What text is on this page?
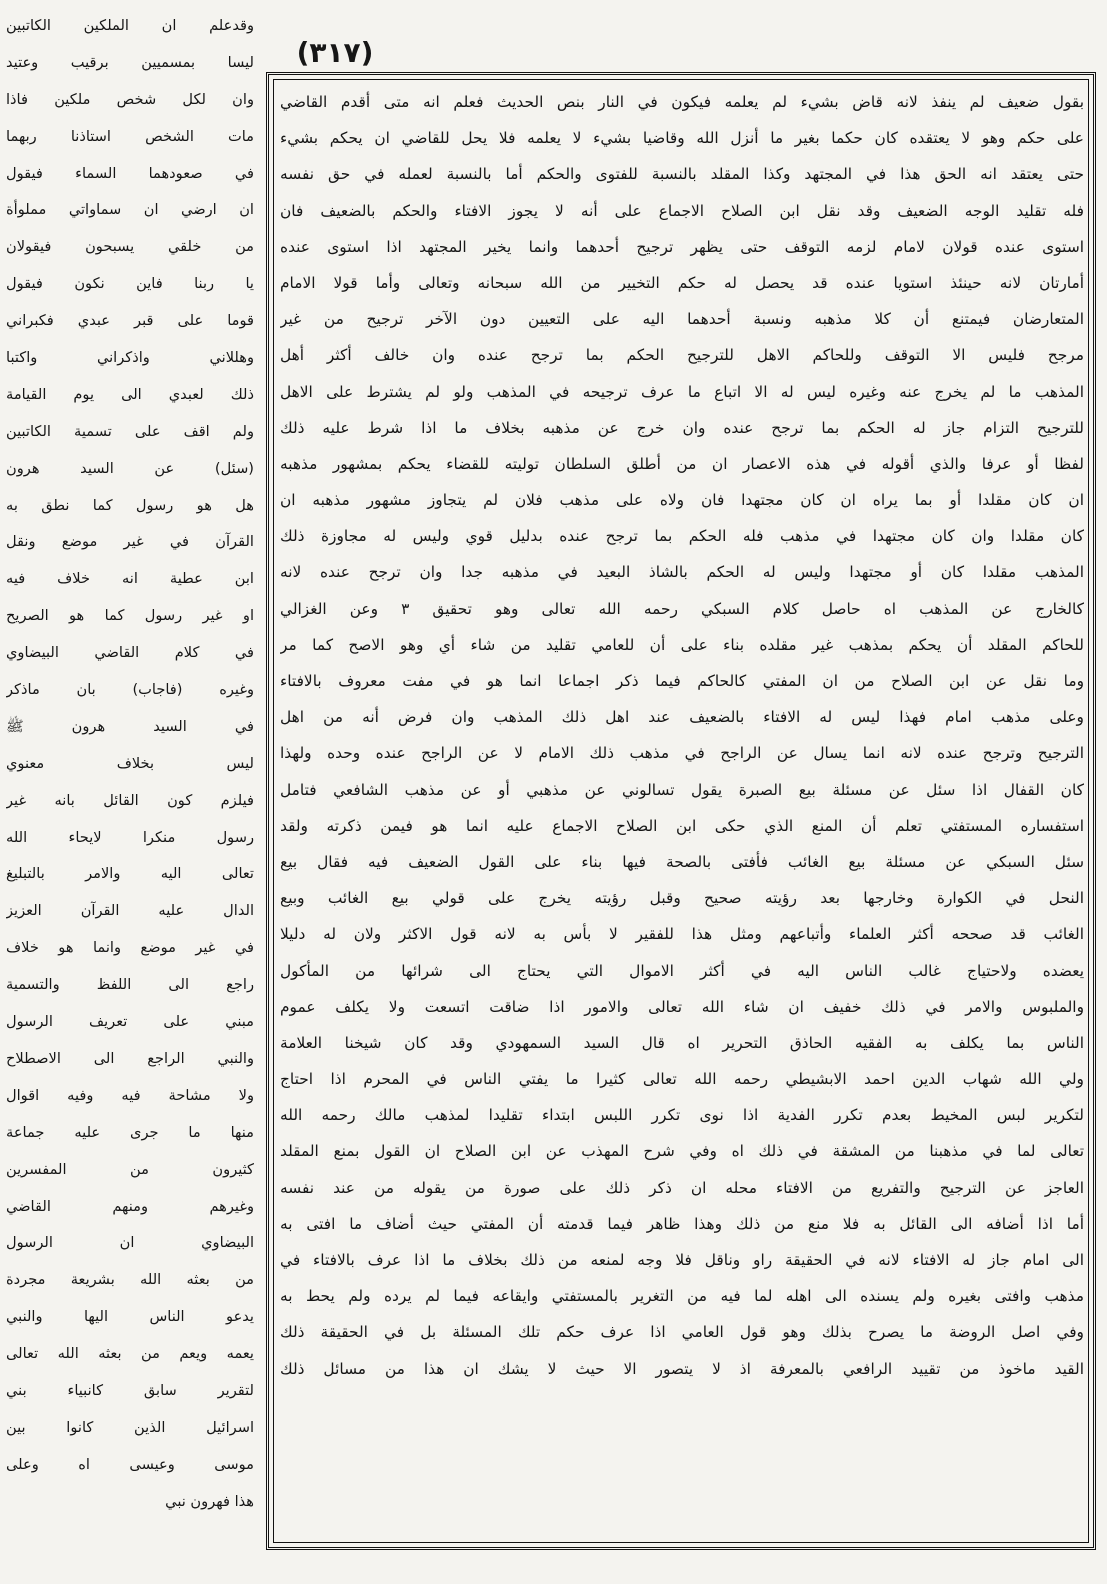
(٣١٧)
وقدعلم ان الملكين الكاتبين
ليسا بمسميين برقيب وعتيد
وان لكل شخص ملكين فاذا
مات الشخص استاذنا ربهما
في صعودهما السماء فيقول
ان ارضي ان سماواتي مملوأة
من خلقي يسبحون فيقولان
يا ربنا فاين نكون فيقول
قوما على قبر عبدي فكبراني
وهللاني واذكراني واكتبا
ذلك لعبدي الى يوم القيامة
ولم اقف على تسمية الكاتبين
(سئل) عن السيد هرون
هل هو رسول كما نطق به
القرآن في غير موضع ونقل
ابن عطية انه خلاف فيه
او غير رسول كما هو الصريح
في كلام القاضي البيضاوي
وغيره (فاجاب) بان ماذكر
في السيد هرون ﷺ
ليس بخلاف معنوي
فيلزم كون القائل بانه غير
رسول منكرا لايحاء الله
تعالى اليه والامر بالتبليغ
الدال عليه القرآن العزيز
في غير موضع وانما هو خلاف
راجع الى اللفظ والتسمية
مبني على تعريف الرسول
والنبي الراجع الى الاصطلاح
ولا مشاحة فيه وفيه اقوال
منها ما جرى عليه جماعة
كثيرون من المفسرين
وغيرهم ومنهم القاضي
البيضاوي ان الرسول
من بعثه الله بشريعة مجردة
يدعو الناس اليها والنبي
يعمه ويعم من بعثه الله تعالى
لتقرير سابق كانبياء بني
اسرائيل الذين كانوا بين
موسى وعيسى اه وعلى
هذا فهرون نبي
بقول ضعيف لم ينفذ لانه قاض بشيء لم يعلمه فيكون في النار بنص الحديث فعلم انه متى أقدم القاضي
على حكم وهو لا يعتقده كان حكما بغير ما أنزل الله وقاضيا بشيء لا يعلمه فلا يحل للقاضي ان يحكم بشيء
حتى يعتقد انه الحق هذا في المجتهد وكذا المقلد بالنسبة للفتوى والحكم أما بالنسبة لعمله في حق نفسه
فله تقليد الوجه الضعيف وقد نقل ابن الصلاح الاجماع على أنه لا يجوز الافتاء والحكم بالضعيف فان
استوى عنده قولان لامام لزمه التوقف حتى يظهر ترجيح أحدهما وانما يخير المجتهد اذا استوى عنده
أمارتان لانه حينئذ استويا عنده قد يحصل له حكم التخيير من الله سبحانه وتعالى وأما قولا الامام
المتعارضان فيمتنع أن كلا مذهبه ونسبة أحدهما اليه على التعيين دون الآخر ترجيح من غير
مرجح فليس الا التوقف وللحاكم الاهل للترجيح الحكم بما ترجح عنده وان خالف أكثر أهل
المذهب ما لم يخرج عنه وغيره ليس له الا اتباع ما عرف ترجيحه في المذهب ولو لم يشترط على الاهل
للترجيح التزام جاز له الحكم بما ترجح عنده وان خرج عن مذهبه بخلاف ما اذا شرط عليه ذلك
لفظا أو عرفا والذي أقوله في هذه الاعصار ان من أطلق السلطان توليته للقضاء يحكم بمشهور مذهبه
ان كان مقلدا أو بما يراه ان كان مجتهدا فان ولاه على مذهب فلان لم يتجاوز مشهور مذهبه ان
كان مقلدا وان كان مجتهدا في مذهب فله الحكم بما ترجح عنده بدليل قوي وليس له مجاوزة ذلك
المذهب مقلدا كان أو مجتهدا وليس له الحكم بالشاذ البعيد في مذهبه جدا وان ترجح عنده لانه
كالخارج عن المذهب اه حاصل كلام السبكي رحمه الله تعالى وهو تحقيق ٣ وعن الغزالي
للحاكم المقلد أن يحكم بمذهب غير مقلده بناء على أن للعامي تقليد من شاء أي وهو الاصح كما مر
وما نقل عن ابن الصلاح من ان المفتي كالحاكم فيما ذكر اجماعا انما هو في مفت معروف بالافتاء
وعلى مذهب امام فهذا ليس له الافتاء بالضعيف عند اهل ذلك المذهب وان فرض أنه من اهل
الترجيح وترجح عنده لانه انما يسال عن الراجح في مذهب ذلك الامام لا عن الراجح عنده وحده ولهذا
كان القفال اذا سئل عن مسئلة بيع الصبرة يقول تسالوني عن مذهبي أو عن مذهب الشافعي فتامل
استفساره المستفتي تعلم أن المنع الذي حكى ابن الصلاح الاجماع عليه انما هو فيمن ذكرته ولقد
سئل السبكي عن مسئلة بيع الغائب فأفتى بالصحة فيها بناء على القول الضعيف فيه فقال بيع
النحل في الكوارة وخارجها بعد رؤيته صحيح وقبل رؤيته يخرج على قولي بيع الغائب وبيع
الغائب قد صححه أكثر العلماء وأتباعهم ومثل هذا للفقير لا بأس به لانه قول الاكثر ولان له دليلا
يعضده ولاحتياج غالب الناس اليه في أكثر الاموال التي يحتاج الى شرائها من المأكول
والملبوس والامر في ذلك خفيف ان شاء الله تعالى والامور اذا ضاقت اتسعت ولا يكلف عموم
الناس بما يكلف به الفقيه الحاذق التحرير اه قال السيد السمهودي وقد كان شيخنا العلامة
ولي الله شهاب الدين احمد الابشيطي رحمه الله تعالى كثيرا ما يفتي الناس في المحرم اذا احتاج
لتكرير لبس المخيط بعدم تكرر الفدية اذا نوى تكرر اللبس ابتداء تقليدا لمذهب مالك رحمه الله
تعالى لما في مذهبنا من المشقة في ذلك اه وفي شرح المهذب عن ابن الصلاح ان القول بمنع المقلد
العاجز عن الترجيح والتفريع من الافتاء محله ان ذكر ذلك على صورة من يقوله من عند نفسه
أما اذا أضافه الى القائل به فلا منع من ذلك وهذا ظاهر فيما قدمته أن المفتي حيث أضاف ما افتى به
الى امام جاز له الافتاء لانه في الحقيقة راو وناقل فلا وجه لمنعه من ذلك بخلاف ما اذا عرف بالافتاء في
مذهب وافتى بغيره ولم يسنده الى اهله لما فيه من التغرير بالمستفتي وايقاعه فيما لم يرده ولم يحط به
وفي اصل الروضة ما يصرح بذلك وهو قول العامي اذا عرف حكم تلك المسئلة بل في الحقيقة ذلك
القيد ماخوذ من تقييد الرافعي بالمعرفة اذ لا يتصور الا حيث لا يشك ان هذا من مسائل ذلك
